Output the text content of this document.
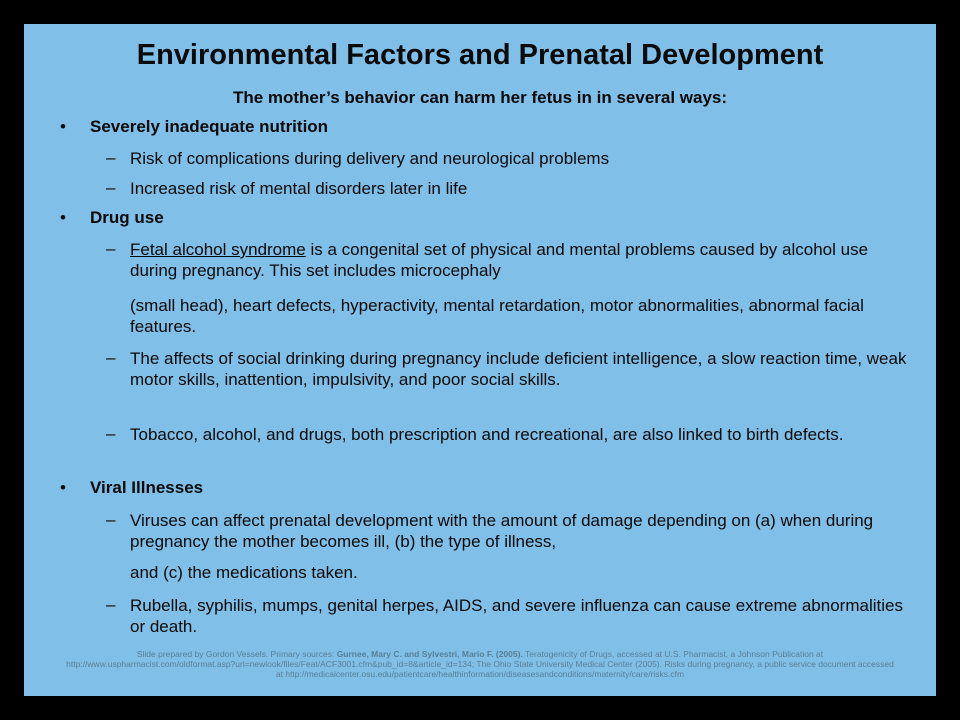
Environmental Factors and Prenatal Development
The mother’s behavior can harm her fetus in in several ways:
• Severely inadequate nutrition
– Risk of complications during delivery and neurological problems
– Increased risk of mental disorders later in life
• Drug use
– Fetal alcohol syndrome is a congenital set of physical and mental problems caused by alcohol use during pregnancy. This set includes microcephaly
(small head), heart defects, hyperactivity, mental retardation, motor abnormalities, abnormal facial features.
– The affects of social drinking during pregnancy include deficient intelligence, a slow reaction time, weak motor skills, inattention, impulsivity, and poor social skills.
– Tobacco, alcohol, and drugs, both prescription and recreational, are also linked to birth defects.
• Viral Illnesses
– Viruses can affect prenatal development with the amount of damage depending on (a) when during pregnancy the mother becomes ill, (b) the type of illness,
and (c) the medications taken.
– Rubella, syphilis, mumps, genital herpes, AIDS, and severe influenza can cause extreme abnormalities or death.
Slide prepared by Gordon Vessels. Primary sources: Gurnee, Mary C. and Sylvestri, Mario F. (2005). Teratogenicity of Drugs, accessed at U.S. Pharmacist, a Johnson Publication at http://www.uspharmacist.com/oldformat.asp?url=newlook/files/Feat/ACF3001.cfm&pub_id=8&article_id=134; The Ohio State University Medical Center (2005). Risks during pregnancy, a public service document accessed at http://medicalcenter.osu.edu/patientcare/healthinformation/diseasesandconditions/maternity/care/risks.cfm
